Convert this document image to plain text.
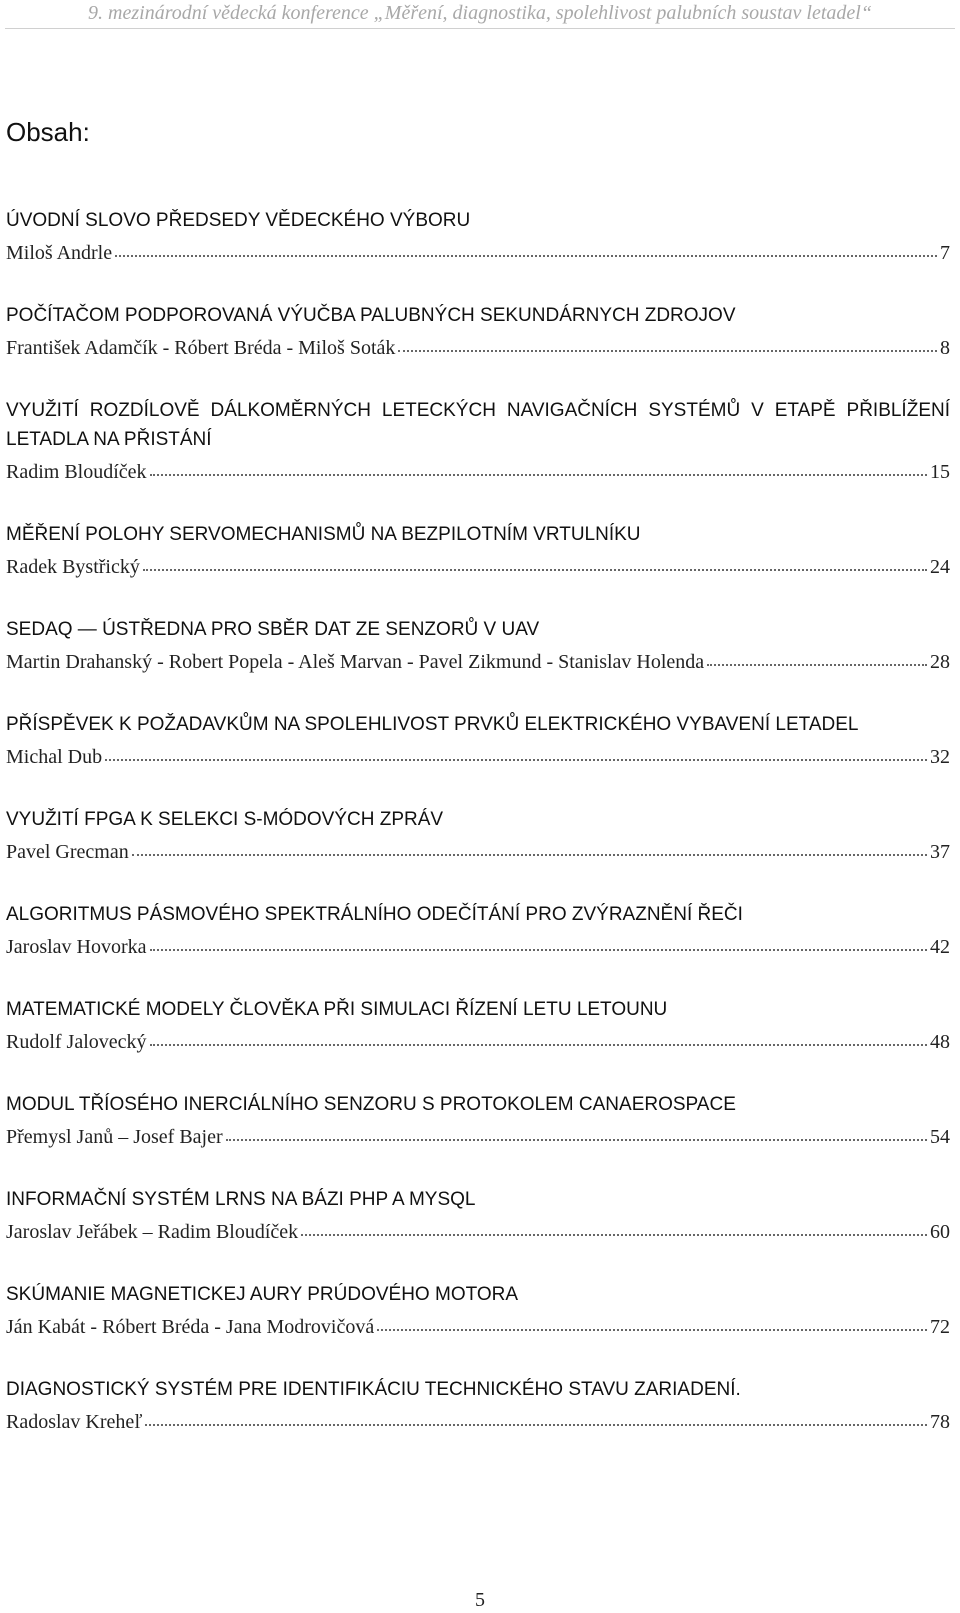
9. mezinárodní vědecká konference „Měření, diagnostika, spolehlivost palubních soustav letadel“
Obsah:
ÚVODNÍ SLOVO PŘEDSEDY VĚDECKÉHO VÝBORU
Miloš Andrle	7
POČÍTAČOM PODPOROVANÁ VÝUČBA PALUBNÝCH SEKUNDÁRNYCH ZDROJOV
František Adamčík - Róbert Bréda - Miloš Soták	8
VYUŽITÍ ROZDÍLOVĚ DÁLKOMĚRNÝCH LETECKÝCH NAVIGAČNÍCH SYSTÉMŮ V ETAPĚ PŘIBLÍŽENÍ LETADLA NA PŘISTÁNÍ
Radim Bloudíček	15
MĚŘENÍ POLOHY SERVOMECHANISMŮ NA BEZPILOTNÍM VRTULNÍKU
Radek Bystřický	24
SEDAQ — ÚSTŘEDNA PRO SBĚR DAT ZE SENZORŮ V UAV
Martin Drahanský - Robert Popela - Aleš Marvan - Pavel Zikmund - Stanislav Holenda	28
PŘÍSPĚVEK K POŽADAVKŮM NA SPOLEHLIVOST PRVKŮ ELEKTRICKÉHO VYBAVENÍ LETADEL
Michal Dub	32
VYUŽITÍ FPGA K SELEKCI S-MÓDOVÝCH ZPRÁV
Pavel Grecman	37
ALGORITMUS PÁSMOVÉHO SPEKTRÁLNÍHO ODEČÍTÁNÍ PRO ZVÝRAZNĚNÍ ŘEČI
Jaroslav Hovorka	42
MATEMATICKÉ MODELY ČLOVĚKA PŘI SIMULACI ŘÍZENÍ LETU LETOUNU
Rudolf Jalovecký	48
MODUL TŘÍOSÉHO INERCIÁLNÍHO SENZORU S PROTOKOLEM CANAEROSPACE
Přemysl Janů – Josef Bajer	54
INFORMAČNÍ SYSTÉM LRNS NA BÁZI PHP A MYSQL
Jaroslav Jeřábek – Radim Bloudíček	60
SKÚMANIE MAGNETICKEJ AURY PRÚDOVÉHO MOTORA
Ján Kabát - Róbert Bréda - Jana Modrovičová	72
DIAGNOSTICKÝ SYSTÉM PRE IDENTIFIKÁCIU TECHNICKÉHO STAVU ZARIADENÍ.
Radoslav Kreheľ	78
5
